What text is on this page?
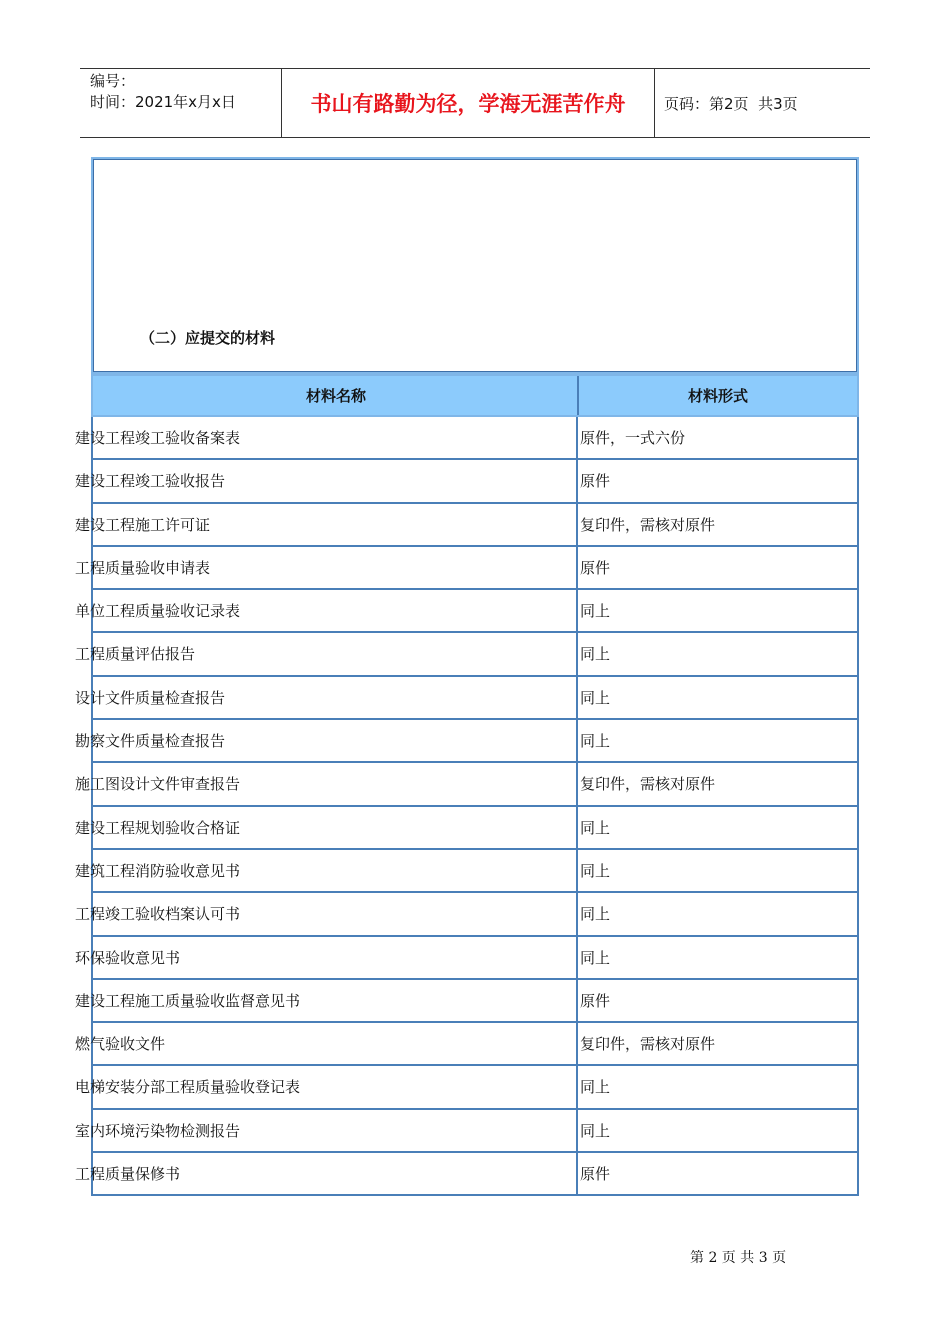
编号：
时间：2021年x月x日	书山有路勤为径，学海无涯苦作舟	页码：第2页  共3页
（二）应提交的材料
材料名称	材料形式
建设工程竣工验收备案表	原件，一式六份
建设工程竣工验收报告	原件
建设工程施工许可证	复印件，需核对原件
工程质量验收申请表	原件
单位工程质量验收记录表	同上
工程质量评估报告	同上
设计文件质量检查报告	同上
勘察文件质量检查报告	同上
施工图设计文件审查报告	复印件，需核对原件
建设工程规划验收合格证	同上
建筑工程消防验收意见书	同上
工程竣工验收档案认可书	同上
环保验收意见书	同上
建设工程施工质量验收监督意见书	原件
燃气验收文件	复印件，需核对原件
电梯安装分部工程质量验收登记表	同上
室内环境污染物检测报告	同上
工程质量保修书	原件
第 2 页 共 3 页
